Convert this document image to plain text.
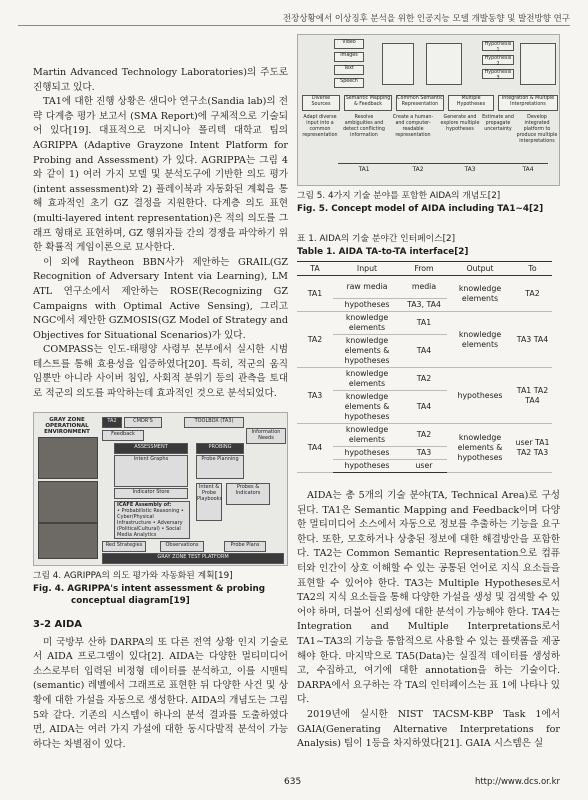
전장상황에서 이상징후 분석을 위한 인공지능 모델 개발동향 및 발전방향 연구

Martin Advanced Technology Laboratories)의 주도로 진행되고 있다.

TA1에 대한 진행 상황은 샌디아 연구소(Sandia lab)의 전략 다계층 평가 보고서 (SMA Report)에 구체적으로 기술되어 있다[19]. 대표적으로 머지니아 폴리텍 대학교 팀의 AGRIPPA (Adaptive Grayzone Intent Platform for Probing and Assessment) 가 있다. AGRIPPA는 그림 4와 같이 1) 여러 가지 모델 및 분석도구에 기반한 의도 평가 (intent assessment)와 2) 플레이북과 자동화된 계획을 통해 효과적인 초기 GZ 결정을 지원한다. 다계층 의도 표현 (multi-layered intent representation)은 적의 의도를 그래프 형태로 표현하며, GZ 행위자들 간의 경쟁을 파악하기 위한 확률적 게임이론으로 묘사한다.

이 외에 Raytheon BBN사가 제안하는 GRAIL(GZ Recognition of Adversary Intent via Learning), LM ATL 연구소에서 제안하는 ROSE(Recognizing GZ Campaigns with Optimal Active Sensing), 그리고 NGC에서 제안한 GZMOSIS(GZ Model of Strategy and Objectives for Situational Scenarios)가 있다.

COMPASS는 인도-태평양 사령부 본부에서 실시한 시범 테스트를 통해 효용성을 입증하였다[20]. 특히, 적군의 움직임뿐만 아니라 사이버 침입, 사회적 분위기 등의 관측을 토대로 적군의 의도를 파악하는데 효과적인 것으로 분석되었다.

GRAY ZONE OPERATIONAL ENVIRONMENT
TA2	CMDR'S	TOOLBOX (TA3)
Feedback	Information Needs
ASSESSMENT	PROBING
Intent Graphs	Probe Planning
Indicator Store
Intent & Probe Playbooks
Probes & Indicators
ICAFE Assembly of:
• Probabilistic Reasoning • Cyber/Physical Infrastructure • Adversary (PoliticalCultural) • Social Media Analytics
Red Strategies	Observations	Probe Plans
GRAY ZONE TEST PLATFORM

그림 4. AGRIPPA의 의도 평가와 자동화된 계획[19]

Fig. 4. AGRIPPA's intent assessment & probing
conceptual diagram[19]

3-2 AIDA

미 국방부 산하 DARPA의 또 다른 전역 상황 인지 기술로서 AIDA 프로그램이 있다[2]. AIDA는 다양한 멀티미디어 소스로부터 입력된 비정형 데이터를 분석하고, 이를 시맨틱 (semantic) 레벨에서 그래프로 표현한 뒤 다양한 사건 및 상황에 대한 가설을 자동으로 생성한다. AIDA의 개념도는 그림 5와 같다. 기존의 시스템이 하나의 분석 결과를 도출하였다면, AIDA는 여러 가지 가설에 대한 동시다발적 분석이 가능하다는 차별점이 있다.

Video
Images
Text
Speech
Hypothesis 1
Hypothesis 2
Hypothesis 3
Diverse Sources
Semantic Mapping & Feedback
Common Semantic Representation
Multiple Hypotheses
Integration & Multiple Interpretations
Adapt diverse input into a common representation
Resolve ambiguities and detect conflicting information
Create a human- and computer-readable representation
Generate and explore multiple hypotheses
Estimate and propagate uncertainty
Develop integrated platform to produce multiple interpretations
TA1	TA2	TA3	TA4

그림 5. 4가지 기술 분야를 포함한 AIDA의 개념도[2]

Fig. 5. Concept model of AIDA including TA1~4[2]

표 1. AIDA의 기술 분야간 인터페이스[2]

Table 1. AIDA TA-to-TA interface[2]

TA	Input	From	Output	To
TA1	raw media	media	knowledge elements	TA2
	hypotheses	TA3, TA4		
TA2	knowledge elements	TA1	knowledge elements	TA3 TA4
	knowledge elements & hypotheses	TA4		
TA3	knowledge elements	TA2	hypotheses	TA1 TA2 TA4
	knowledge elements & hypotheses	TA4		
TA4	knowledge elements	TA2	knowledge elements & hypotheses	user TA1 TA2 TA3
	hypotheses	TA3		
	hypotheses	user		

AIDA는 총 5개의 기술 분야(TA, Technical Area)로 구성된다. TA1은 Semantic Mapping and Feedback이며 다양한 멀티미디어 소스에서 자동으로 정보를 추출하는 기능을 요구한다. 또한, 모호하거나 상충된 정보에 대한 해결방안을 포함한다. TA2는 Common Semantic Representation으로 컴퓨터와 인간이 상호 이해할 수 있는 공통된 언어로 지식 요소들을 표현할 수 있어야 한다. TA3는 Multiple Hypotheses로서 TA2의 지식 요소들을 통해 다양한 가설을 생성 및 검색할 수 있어야 하며, 더불어 신뢰성에 대한 분석이 가능해야 한다. TA4는 Integration and Multiple Interpretations로서 TA1~TA3의 기능을 통합적으로 사용할 수 있는 플랫폼을 제공해야 한다. 마지막으로 TA5(Data)는 실질적 데이터를 생성하고, 수집하고, 여기에 대한 annotation을 하는 기술이다. DARPA에서 요구하는 각 TA의 인터페이스는 표 1에 나타나 있다.

2019년에 실시한 NIST TACSM-KBP Task 1에서 GAIA(Generating Alternative Interpretations for Analysis) 팀이 1등을 차지하였다[21]. GAIA 시스템은 실

635	http://www.dcs.or.kr
